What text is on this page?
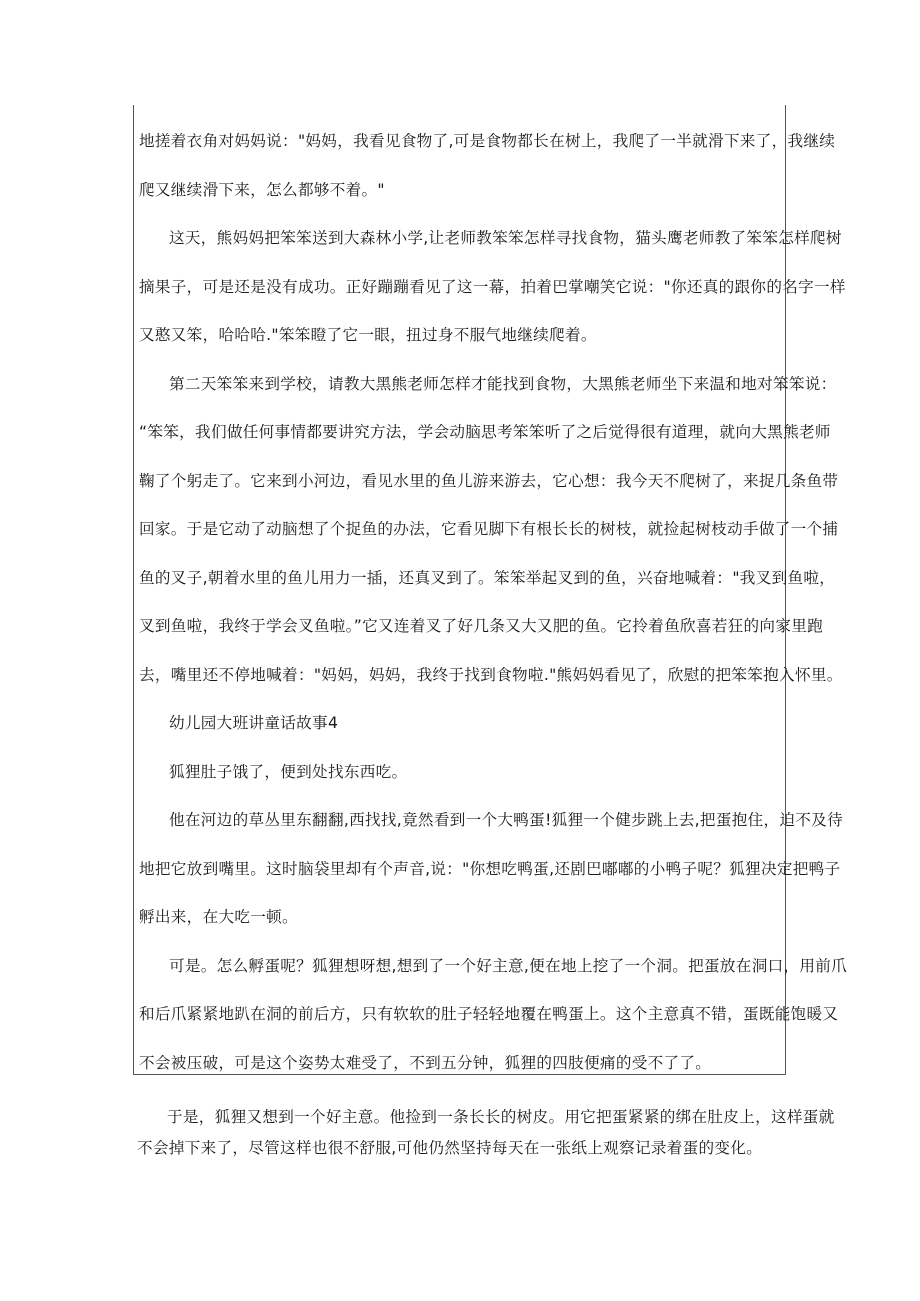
地搓着衣角对妈妈说："妈妈，我看见食物了,可是食物都长在树上，我爬了一半就滑下来了，我继续
爬又继续滑下来，怎么都够不着。"
这天，熊妈妈把笨笨送到大森林小学,让老师教笨笨怎样寻找食物，猫头鹰老师教了笨笨怎样爬树
摘果子，可是还是没有成功。正好蹦蹦看见了这一幕，拍着巴掌嘲笑它说："你还真的跟你的名字一样
又憨又笨，哈哈哈."笨笨瞪了它一眼，扭过身不服气地继续爬着。
第二天笨笨来到学校，请教大黑熊老师怎样才能找到食物，大黑熊老师坐下来温和地对笨笨说：
“笨笨，我们做任何事情都要讲究方法，学会动脑思考笨笨听了之后觉得很有道理，就向大黑熊老师
鞠了个躬走了。它来到小河边，看见水里的鱼儿游来游去，它心想：我今天不爬树了，来捉几条鱼带
回家。于是它动了动脑想了个捉鱼的办法，它看见脚下有根长长的树枝，就捡起树枝动手做了一个捕
鱼的叉子,朝着水里的鱼儿用力一插，还真叉到了。笨笨举起叉到的鱼，兴奋地喊着："我叉到鱼啦，
叉到鱼啦，我终于学会叉鱼啦。”它又连着叉了好几条又大又肥的鱼。它拎着鱼欣喜若狂的向家里跑
去，嘴里还不停地喊着："妈妈，妈妈，我终于找到食物啦."熊妈妈看见了，欣慰的把笨笨抱入怀里。
幼儿园大班讲童话故事4
狐狸肚子饿了，便到处找东西吃。
他在河边的草丛里东翻翻,西找找,竟然看到一个大鸭蛋!狐狸一个健步跳上去,把蛋抱住，迫不及待
地把它放到嘴里。这时脑袋里却有个声音,说："你想吃鸭蛋,还剧巴嘟嘟的小鸭子呢？狐狸决定把鸭子
孵出来，在大吃一顿。
可是。怎么孵蛋呢？狐狸想呀想,想到了一个好主意,便在地上挖了一个洞。把蛋放在洞口，用前爪
和后爪紧紧地趴在洞的前后方，只有软软的肚子轻轻地覆在鸭蛋上。这个主意真不错，蛋既能饱暖又
不会被压破，可是这个姿势太难受了，不到五分钟，狐狸的四肢便痛的受不了了。
于是，狐狸又想到一个好主意。他捡到一条长长的树皮。用它把蛋紧紧的绑在肚皮上，这样蛋就
不会掉下来了，尽管这样也很不舒服,可他仍然坚持每天在一张纸上观察记录着蛋的变化。
